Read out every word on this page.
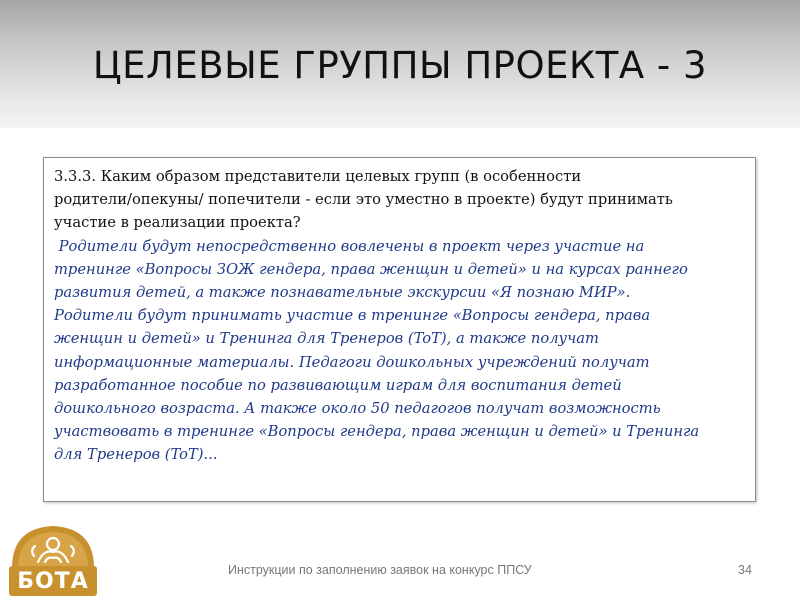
ЦЕЛЕВЫЕ ГРУППЫ ПРОЕКТА - 3
3.3.3. Каким образом представители целевых групп (в особенности
родители/опекуны/ попечители - если это уместно в проекте) будут принимать
участие в реализации проекта?
Родители будут непосредственно вовлечены в проект через участие на
тренинге «Вопросы ЗОЖ гендера, права женщин и детей» и на курсах раннего
развития детей, а также познавательные экскурсии «Я познаю МИР».
Родители будут принимать участие в тренинге «Вопросы гендера, права
женщин и детей» и Тренинга для Тренеров (ToT), а также получат
информационные материалы. Педагоги дошкольных учреждений получат
разработанное пособие по развивающим играм для воспитания детей
дошкольного возраста. А также около 50 педагогов получат возможность
участвовать в тренинге «Вопросы гендера, права женщин и детей» и Тренинга
для Тренеров (ToT)...
БОТА	Инструкции по заполнению заявок на конкурс ППСУ	34
